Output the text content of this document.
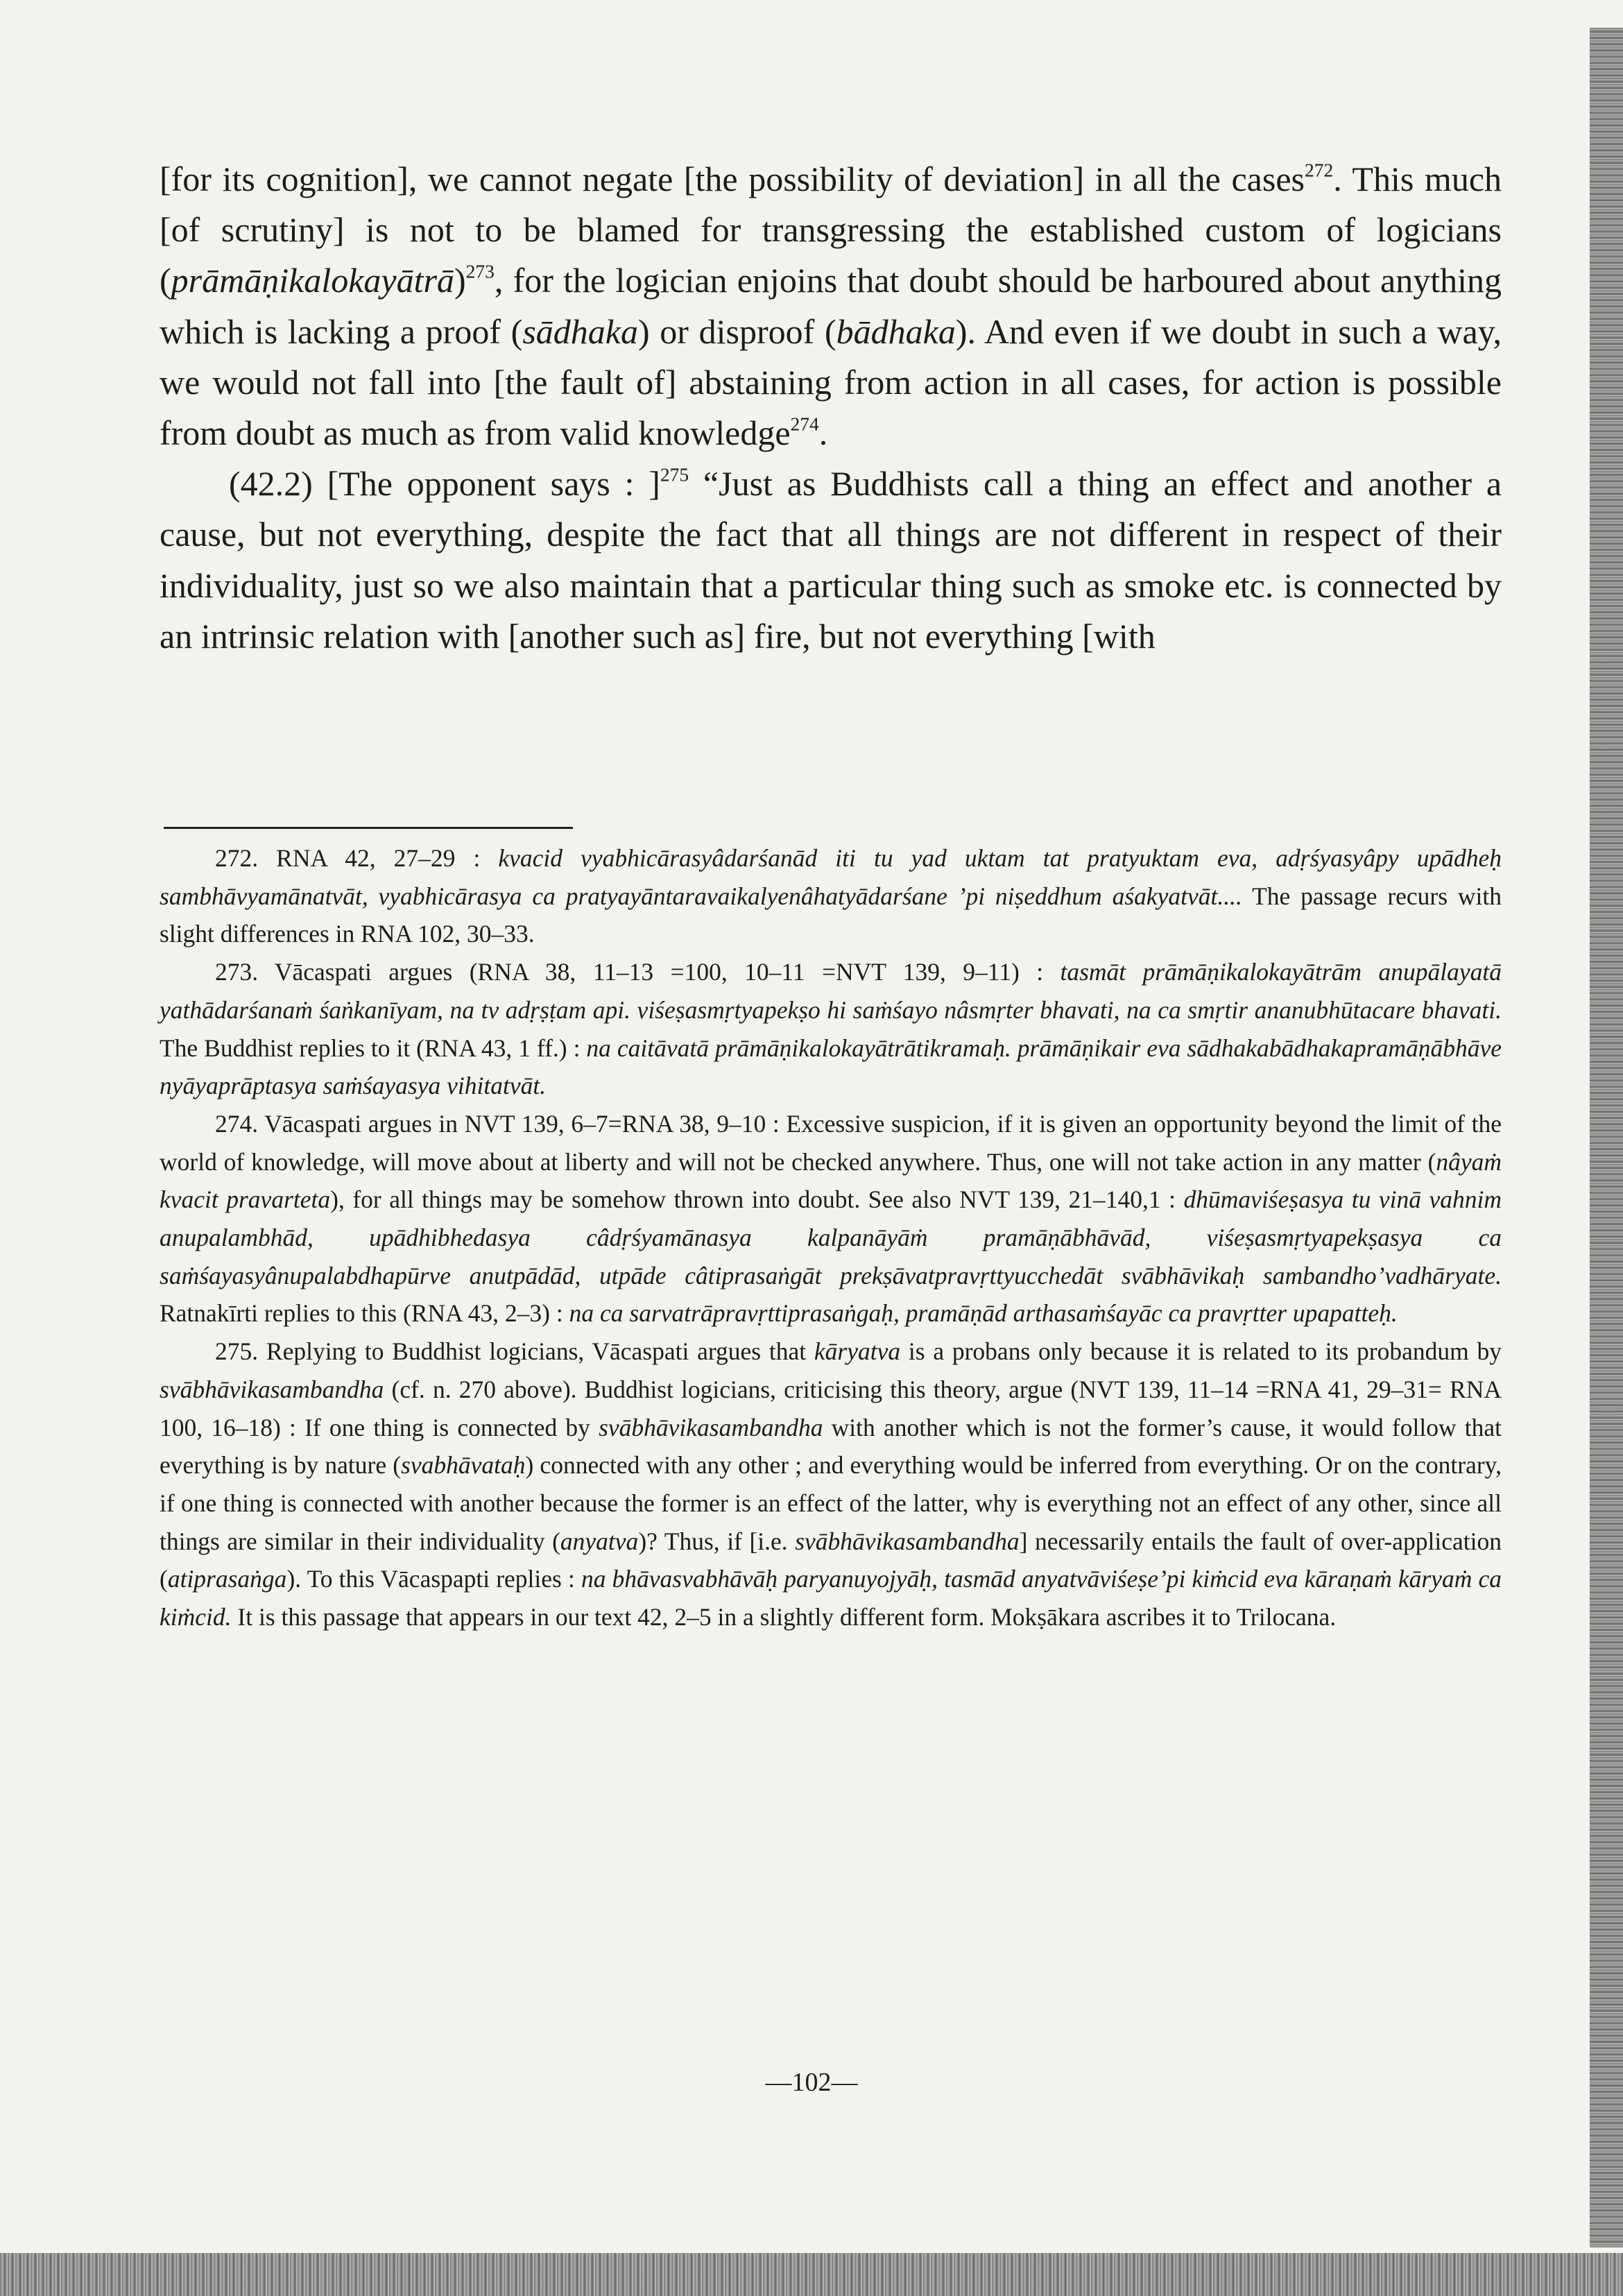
[for its cognition], we cannot negate [the possibility of deviation] in all the cases$^{272}$. This much [of scrutiny] is not to be blamed for transgressing the established custom of logicians (prāmāṇikalokayātrā)$^{273}$, for the logician enjoins that doubt should be harboured about anything which is lacking a proof (sādhaka) or disproof (bādhaka). And even if we doubt in such a way, we would not fall into [the fault of] abstaining from action in all cases, for action is possible from doubt as much as from valid knowledge$^{274}$.

(42.2) [The opponent says : ]$^{275}$ “Just as Buddhists call a thing an effect and another a cause, but not everything, despite the fact that all things are not different in respect of their individuality, just so we also maintain that a particular thing such as smoke etc. is connected by an intrinsic relation with [another such as] fire, but not everything [with

272. RNA 42, 27–29 : kvacid vyabhicārasyâdarśanād iti tu yad uktam tat pratyuktam eva, adṛśyasyâpy upādheḥ sambhāvyamānatvāt, vyabhicārasya ca pratyayāntaravaikalyenâhatyādarśane ’pi niṣeddhum aśakyatvāt.... The passage recurs with slight differences in RNA 102, 30–33.

273. Vācaspati argues (RNA 38, 11–13 =100, 10–11 =NVT 139, 9–11) : tasmāt prāmāṇikalokayātrām anupālayatā yathādarśanaṁ śaṅkanīyam, na tv adṛṣṭam api. viśeṣasmṛtyapekṣo hi saṁśayo nâsmṛter bhavati, na ca smṛtir ananubhūtacare bhavati. The Buddhist replies to it (RNA 43, 1 ff.) : na caitāvatā prāmāṇikalokayātrātikramaḥ. prāmāṇikair eva sādhakabādhakapramāṇābhāve nyāyaprāptasya saṁśayasya vihitatvāt.

274. Vācaspati argues in NVT 139, 6–7=RNA 38, 9–10 : Excessive suspicion, if it is given an opportunity beyond the limit of the world of knowledge, will move about at liberty and will not be checked anywhere. Thus, one will not take action in any matter (nâyaṁ kvacit pravarteta), for all things may be somehow thrown into doubt. See also NVT 139, 21–140,1 : dhūmaviśeṣasya tu vinā vahnim anupalambhād, upādhibhedasya câdṛśyamānasya kalpanāyāṁ pramāṇābhāvād, viśeṣasmṛtyapekṣasya ca saṁśayasyânupalabdhapūrve anutpādād, utpāde câtiprasaṅgāt prekṣāvatpravṛttyucchedāt svābhāvikaḥ sambandho’vadhāryate. Ratnakīrti replies to this (RNA 43, 2–3) : na ca sarvatrāpravṛttiprasaṅgaḥ, pramāṇād arthasaṁśayāc ca pravṛtter upapatteḥ.

275. Replying to Buddhist logicians, Vācaspati argues that kāryatva is a probans only because it is related to its probandum by svābhāvikasambandha (cf. n. 270 above). Buddhist logicians, criticising this theory, argue (NVT 139, 11–14 =RNA 41, 29–31= RNA 100, 16–18) : If one thing is connected by svābhāvikasambandha with another which is not the former’s cause, it would follow that everything is by nature (svabhāvataḥ) connected with any other ; and everything would be inferred from everything. Or on the contrary, if one thing is connected with another because the former is an effect of the latter, why is everything not an effect of any other, since all things are similar in their individuality (anyatva)? Thus, if [i.e. svābhāvikasambandha] necessarily entails the fault of over-application (atiprasaṅga). To this Vācaspapti replies : na bhāvasvabhāvāḥ paryanuyojyāḥ, tasmād anyatvāviśeṣe’pi kiṁcid eva kāraṇaṁ kāryaṁ ca kiṁcid. It is this passage that appears in our text 42, 2–5 in a slightly different form. Mokṣākara ascribes it to Trilocana.

—102—
